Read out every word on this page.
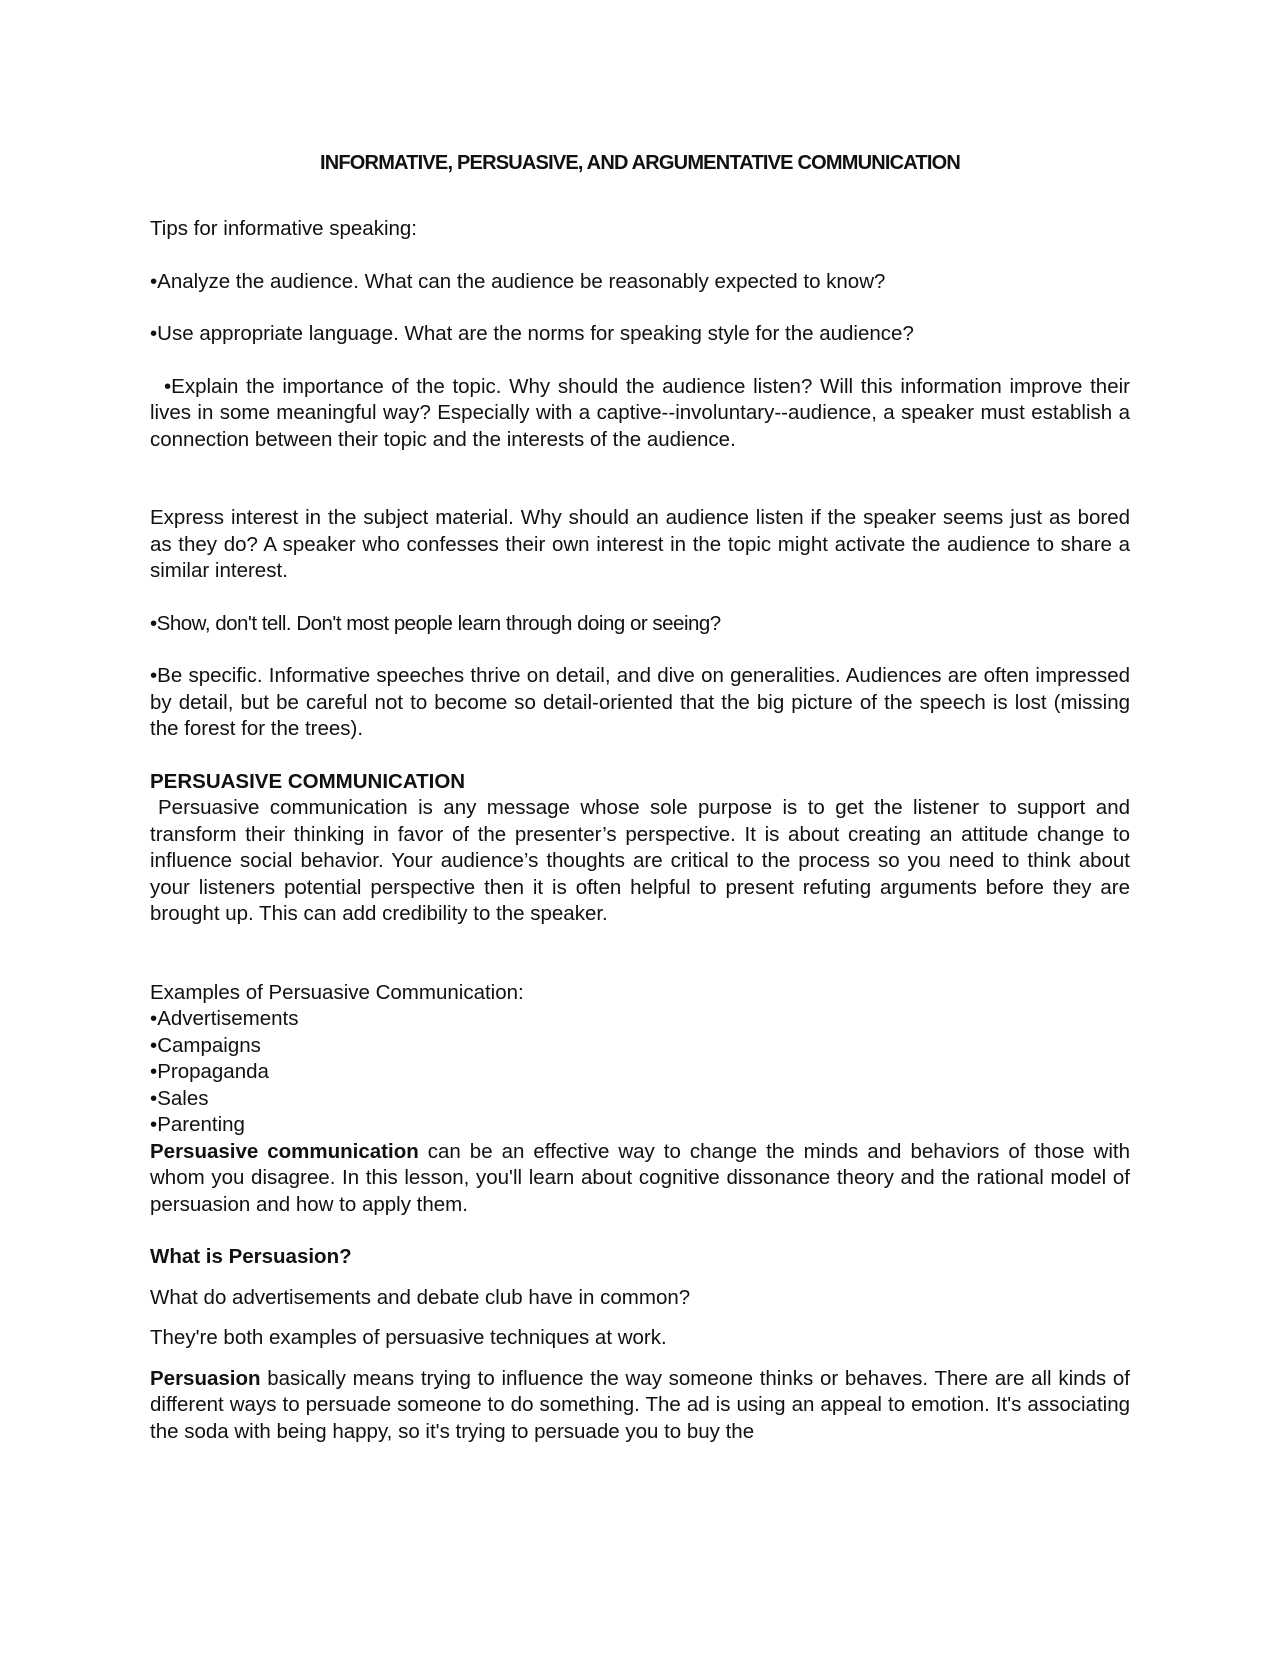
INFORMATIVE, PERSUASIVE, AND ARGUMENTATIVE COMMUNICATION

Tips for informative speaking:

•Analyze the audience. What can the audience be reasonably expected to know?

•Use appropriate language. What are the norms for speaking style for the audience?

•Explain the importance of the topic. Why should the audience listen? Will this information improve their lives in some meaningful way? Especially with a captive--involuntary--audience, a speaker must establish a connection between their topic and the interests of the audience.

Express interest in the subject material. Why should an audience listen if the speaker seems just as bored as they do? A speaker who confesses their own interest in the topic might activate the audience to share a similar interest.

•Show, don't tell. Don't most people learn through doing or seeing?

•Be specific. Informative speeches thrive on detail, and dive on generalities. Audiences are often impressed by detail, but be careful not to become so detail-oriented that the big picture of the speech is lost (missing the forest for the trees).

PERSUASIVE COMMUNICATION

Persuasive communication is any message whose sole purpose is to get the listener to support and transform their thinking in favor of the presenter’s perspective. It is about creating an attitude change to influence social behavior. Your audience’s thoughts are critical to the process so you need to think about your listeners potential perspective then it is often helpful to present refuting arguments before they are brought up. This can add credibility to the speaker.

Examples of Persuasive Communication:

• Advertisements
• Campaigns
• Propaganda
• Sales
• Parenting

Persuasive communication can be an effective way to change the minds and behaviors of those with whom you disagree. In this lesson, you'll learn about cognitive dissonance theory and the rational model of persuasion and how to apply them.

What is Persuasion?

What do advertisements and debate club have in common?

They're both examples of persuasive techniques at work.

Persuasion basically means trying to influence the way someone thinks or behaves. There are all kinds of different ways to persuade someone to do something. The ad is using an appeal to emotion. It's associating the soda with being happy, so it's trying to persuade you to buy the
